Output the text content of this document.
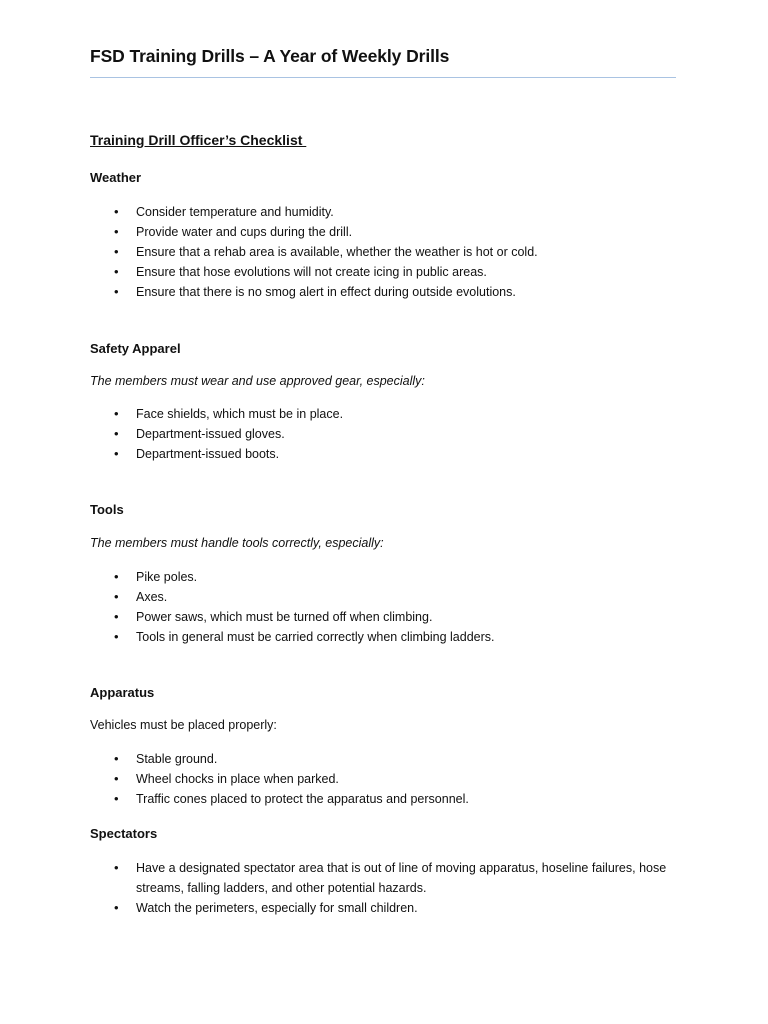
FSD Training Drills – A Year of Weekly Drills
Training Drill Officer’s Checklist
Weather
• Consider temperature and humidity.
• Provide water and cups during the drill.
• Ensure that a rehab area is available, whether the weather is hot or cold.
• Ensure that hose evolutions will not create icing in public areas.
• Ensure that there is no smog alert in effect during outside evolutions.
Safety Apparel
The members must wear and use approved gear, especially:
• Face shields, which must be in place.
• Department-issued gloves.
• Department-issued boots.
Tools
The members must handle tools correctly, especially:
• Pike poles.
• Axes.
• Power saws, which must be turned off when climbing.
• Tools in general must be carried correctly when climbing ladders.
Apparatus
Vehicles must be placed properly:
• Stable ground.
• Wheel chocks in place when parked.
• Traffic cones placed to protect the apparatus and personnel.
Spectators
• Have a designated spectator area that is out of line of moving apparatus, hoseline failures, hose streams, falling ladders, and other potential hazards.
• Watch the perimeters, especially for small children.
